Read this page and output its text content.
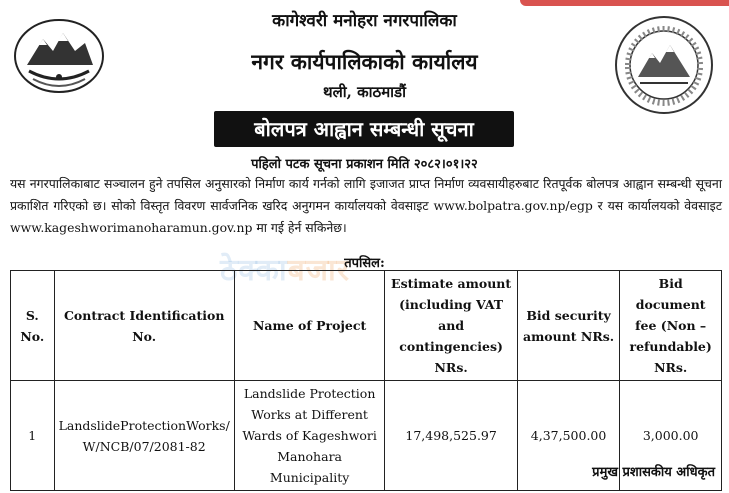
कागेश्वरी मनोहरा नगरपालिका
नगर कार्यपालिकाको कार्यालय
थली, काठमाडौं
बोलपत्र आह्वान सम्बन्धी सूचना
पहिलो पटक सूचना प्रकाशन मिति २०८२।०१।२२
यस नगरपालिकाबाट सञ्चालन हुने तपसिल अनुसारको निर्माण कार्य गर्नको लागि इजाजत प्राप्त निर्माण व्यवसायीहरुबाट रितपूर्वक बोलपत्र आह्वान सम्बन्धी सूचना प्रकाशित गरिएको छ। सोको विस्तृत विवरण सार्वजनिक खरिद अनुगमन कार्यालयको वेवसाइट www.bolpatra.gov.np/egp र यस कार्यालयको वेवसाइट www.kageshworimanoharamun.gov.np मा गई हेर्न सकिनेछ।
ठेक्काबजार
तपसिल:
S. No.	Contract Identification No.	Name of Project	Estimate amount (including VAT and contingencies) NRs.	Bid security amount NRs.	Bid document fee (Non – refundable) NRs.
1	LandslideProtectionWorks/ W/NCB/07/2081-82	Landslide Protection Works at Different Wards of Kageshwori Manohara Municipality	17,498,525.97	4,37,500.00	3,000.00
प्रमुख प्रशासकीय अधिकृत
